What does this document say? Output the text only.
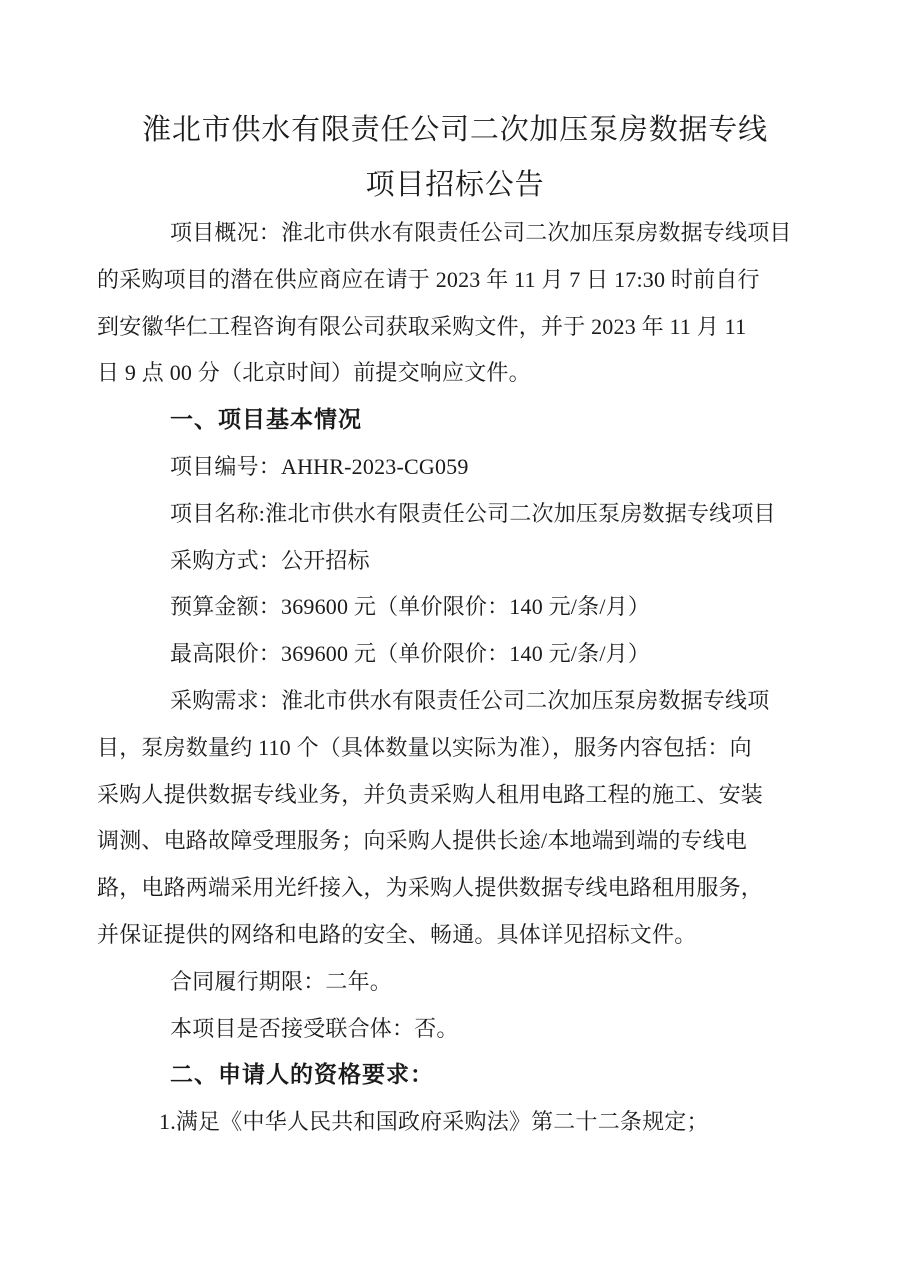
淮北市供水有限责任公司二次加压泵房数据专线
项目招标公告
项目概况：淮北市供水有限责任公司二次加压泵房数据专线项目
的采购项目的潜在供应商应在请于 2023 年 11 月 7 日 17:30 时前自行
到安徽华仁工程咨询有限公司获取采购文件，并于 2023 年 11 月 11
日 9 点 00 分（北京时间）前提交响应文件。
一、项目基本情况
项目编号：AHHR-2023-CG059
项目名称:淮北市供水有限责任公司二次加压泵房数据专线项目
采购方式：公开招标
预算金额：369600 元（单价限价：140 元/条/月）
最高限价：369600 元（单价限价：140 元/条/月）
采购需求：淮北市供水有限责任公司二次加压泵房数据专线项
目，泵房数量约 110 个（具体数量以实际为准），服务内容包括：向
采购人提供数据专线业务，并负责采购人租用电路工程的施工、安装
调测、电路故障受理服务；向采购人提供长途/本地端到端的专线电
路，电路两端采用光纤接入，为采购人提供数据专线电路租用服务，
并保证提供的网络和电路的安全、畅通。具体详见招标文件。
合同履行期限：二年。
本项目是否接受联合体：否。
二、申请人的资格要求：
1.满足《中华人民共和国政府采购法》第二十二条规定；
